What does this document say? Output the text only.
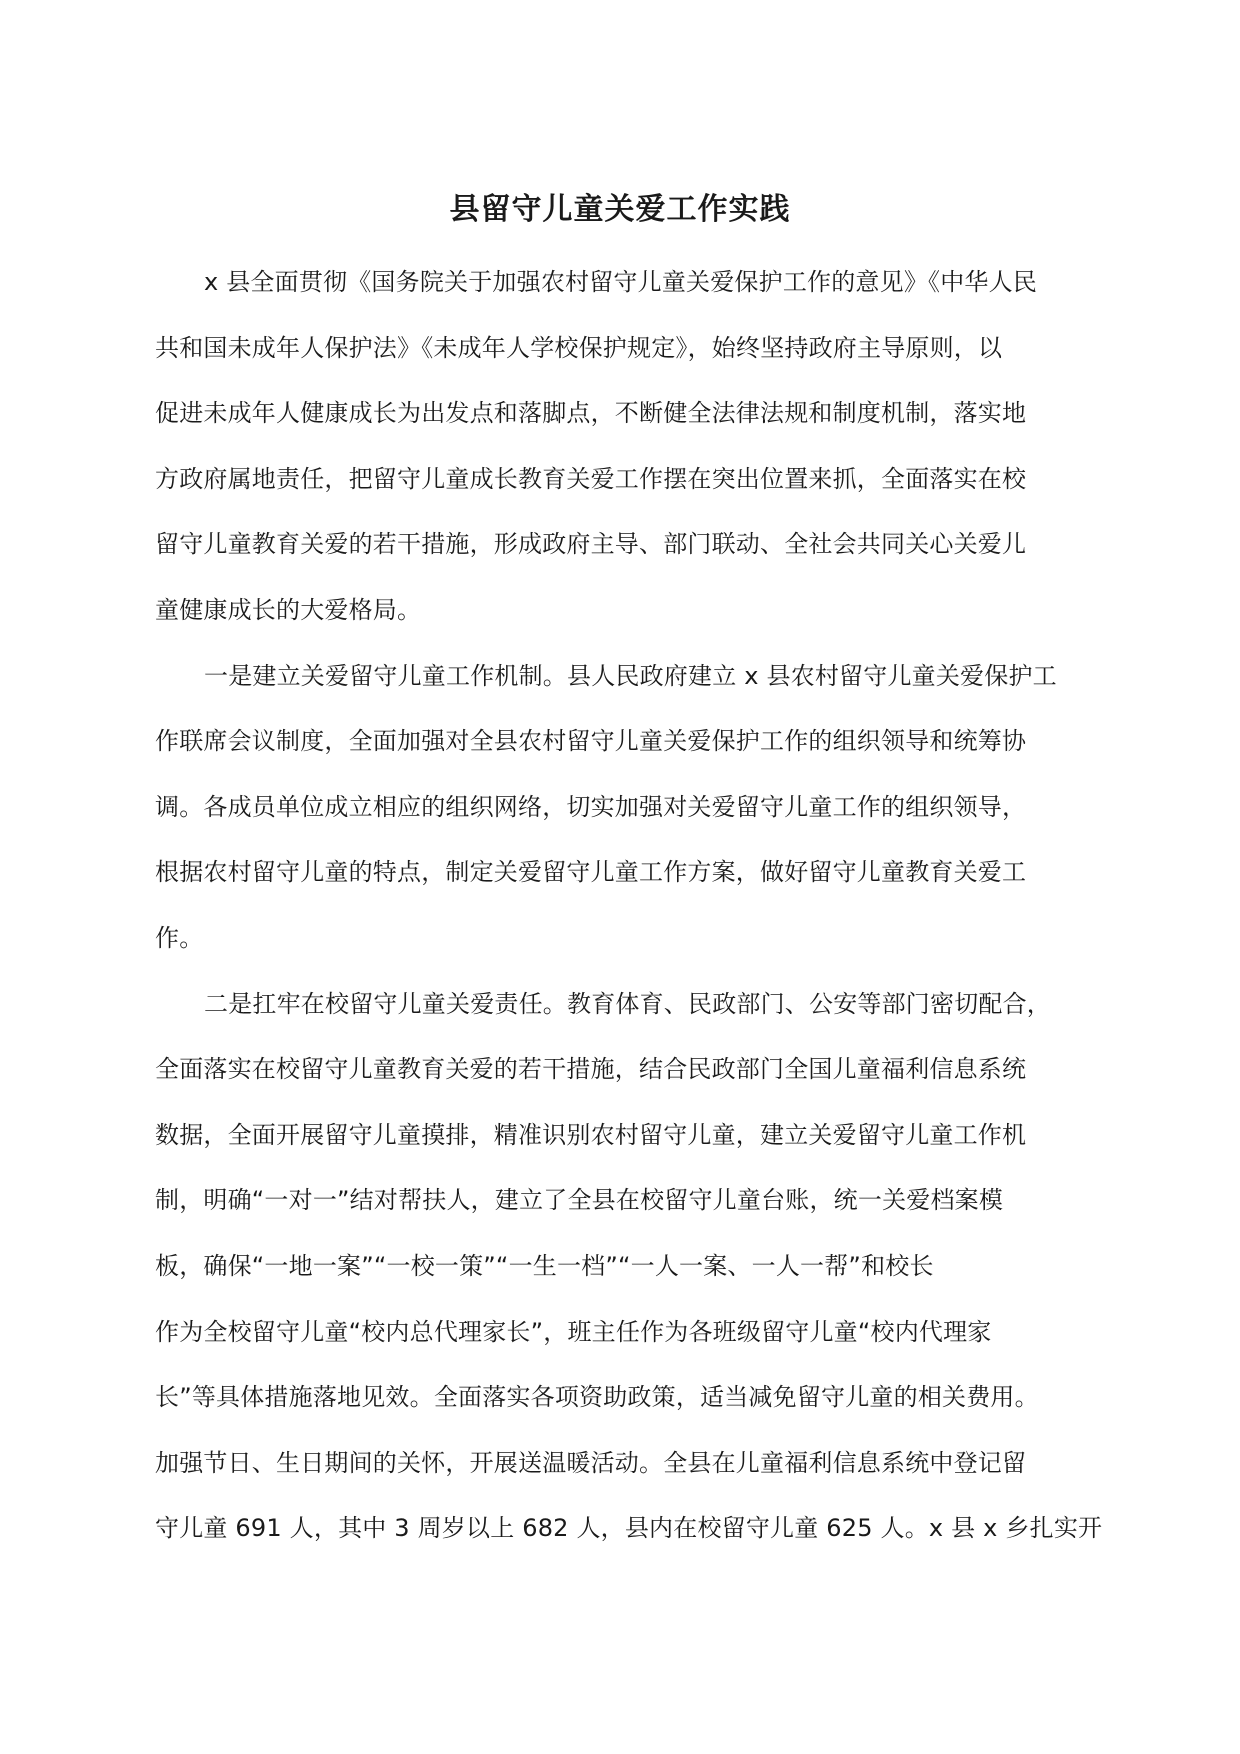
县留守儿童关爱工作实践
x 县全面贯彻《国务院关于加强农村留守儿童关爱保护工作的意见》《中华人民
共和国未成年人保护法》《未成年人学校保护规定》，始终坚持政府主导原则，以
促进未成年人健康成长为出发点和落脚点，不断健全法律法规和制度机制，落实地
方政府属地责任，把留守儿童成长教育关爱工作摆在突出位置来抓，全面落实在校
留守儿童教育关爱的若干措施，形成政府主导、部门联动、全社会共同关心关爱儿
童健康成长的大爱格局。
一是建立关爱留守儿童工作机制。县人民政府建立 x 县农村留守儿童关爱保护工
作联席会议制度，全面加强对全县农村留守儿童关爱保护工作的组织领导和统筹协
调。各成员单位成立相应的组织网络，切实加强对关爱留守儿童工作的组织领导，
根据农村留守儿童的特点，制定关爱留守儿童工作方案，做好留守儿童教育关爱工
作。
二是扛牢在校留守儿童关爱责任。教育体育、民政部门、公安等部门密切配合，
全面落实在校留守儿童教育关爱的若干措施，结合民政部门全国儿童福利信息系统
数据，全面开展留守儿童摸排，精准识别农村留守儿童，建立关爱留守儿童工作机
制，明确“一对一”结对帮扶人，建立了全县在校留守儿童台账，统一关爱档案模
板，确保“一地一案”“一校一策”“一生一档”“一人一案、一人一帮”和校长
作为全校留守儿童“校内总代理家长”，班主任作为各班级留守儿童“校内代理家
长”等具体措施落地见效。全面落实各项资助政策，适当减免留守儿童的相关费用。
加强节日、生日期间的关怀，开展送温暖活动。全县在儿童福利信息系统中登记留
守儿童 691 人，其中 3 周岁以上 682 人，县内在校留守儿童 625 人。x 县 x 乡扎实开
